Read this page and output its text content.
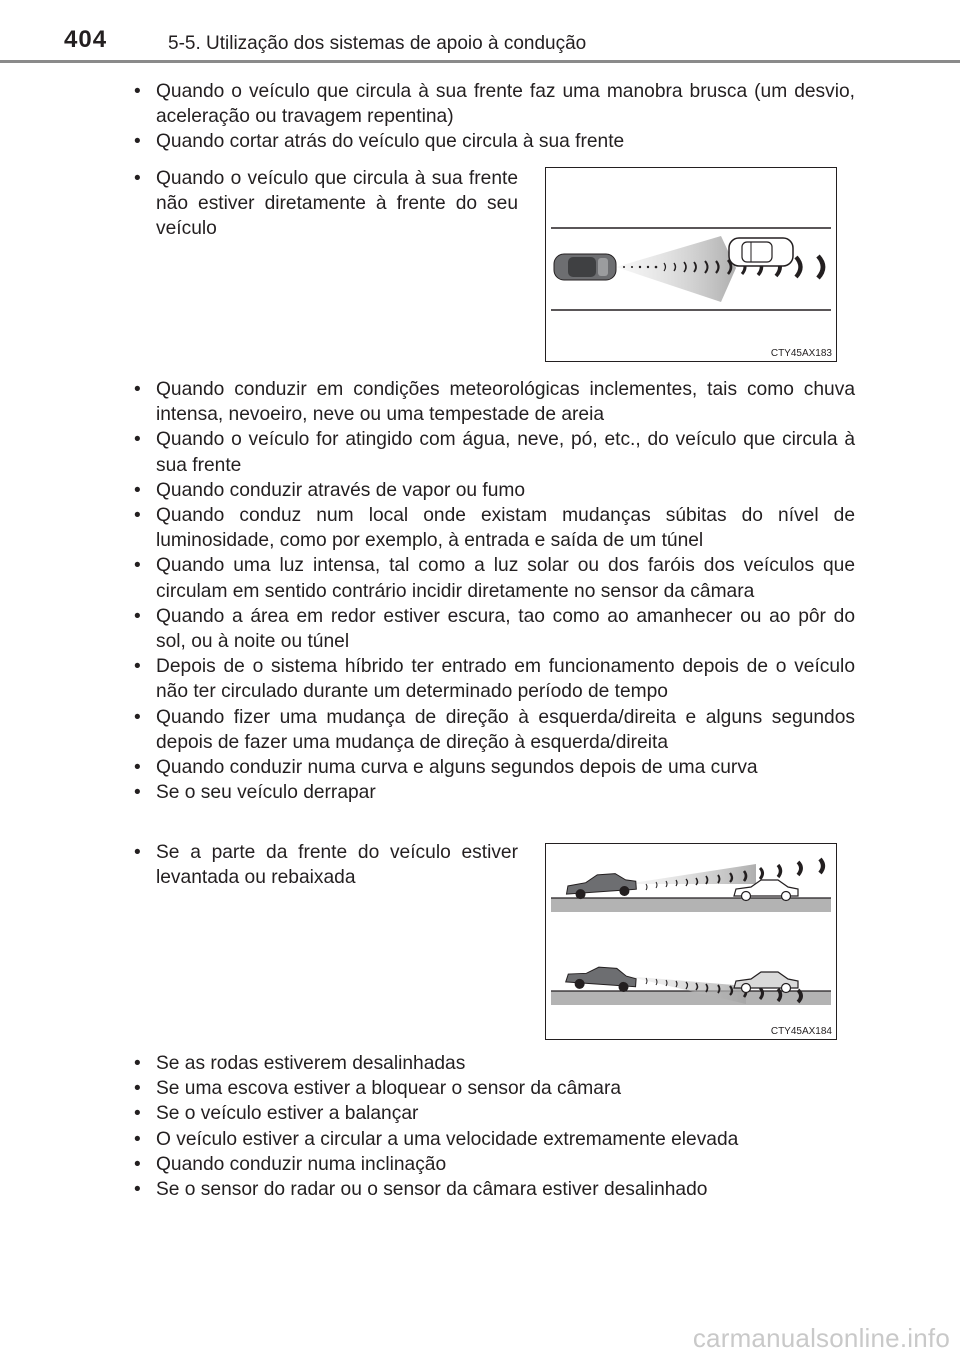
404	5-5. Utilização dos sistemas de apoio à condução
• Quando o veículo que circula à sua frente faz uma manobra brusca (um desvio, aceleração ou travagem repentina)
• Quando cortar atrás do veículo que circula à sua frente
• Quando o veículo que circula à sua frente não estiver diretamente à frente do seu veículo
CTY45AX183
• Quando conduzir em condições meteorológicas inclementes, tais como chuva intensa, nevoeiro, neve ou uma tempestade de areia
• Quando o veículo for atingido com água, neve, pó, etc., do veículo que circula à sua frente
• Quando conduzir através de vapor ou fumo
• Quando conduz num local onde existam mudanças súbitas do nível de luminosidade, como por exemplo, à entrada e saída de um túnel
• Quando uma luz intensa, tal como a luz solar ou dos faróis dos veículos que circulam em sentido contrário incidir diretamente no sensor da câmara
• Quando a área em redor estiver escura, tao como ao amanhecer ou ao pôr do sol, ou à noite ou túnel
• Depois de o sistema híbrido ter entrado em funcionamento depois de o veículo não ter circulado durante um determinado período de tempo
• Quando fizer uma mudança de direção à esquerda/direita e alguns segundos depois de fazer uma mudança de direção à esquerda/direita
• Quando conduzir numa curva e alguns segundos depois de uma curva
• Se o seu veículo derrapar
• Se a parte da frente do veículo estiver levantada ou rebaixada
CTY45AX184
• Se as rodas estiverem desalinhadas
• Se uma escova estiver a bloquear o sensor da câmara
• Se o veículo estiver a balançar
• O veículo estiver a circular a uma velocidade extremamente elevada
• Quando conduzir numa inclinação
• Se o sensor do radar ou o sensor da câmara estiver desalinhado
carmanualsonline.info
